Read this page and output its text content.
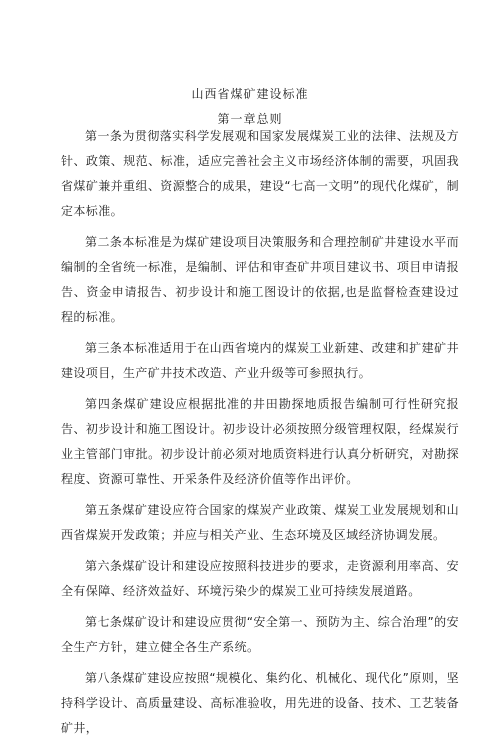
山西省煤矿建设标准
第一章总则

第一条为贯彻落实科学发展观和国家发展煤炭工业的法律、法规及方针、政策、规范、标准，适应完善社会主义市场经济体制的需要，巩固我省煤矿兼并重组、资源整合的成果，建设“七高一文明”的现代化煤矿，制定本标准。

第二条本标准是为煤矿建设项目决策服务和合理控制矿井建设水平而编制的全省统一标准，是编制、评估和审查矿井项目建议书、项目申请报告、资金申请报告、初步设计和施工图设计的依据,也是监督检查建设过程的标准。

第三条本标准适用于在山西省境内的煤炭工业新建、改建和扩建矿井建设项目，生产矿井技术改造、产业升级等可参照执行。

第四条煤矿建设应根据批准的井田勘探地质报告编制可行性研究报告、初步设计和施工图设计。初步设计必须按照分级管理权限，经煤炭行业主管部门审批。初步设计前必须对地质资料进行认真分析研究，对勘探程度、资源可靠性、开采条件及经济价值等作出评价。

第五条煤矿建设应符合国家的煤炭产业政策、煤炭工业发展规划和山西省煤炭开发政策；并应与相关产业、生态环境及区域经济协调发展。

第六条煤矿设计和建设应按照科技进步的要求，走资源利用率高、安全有保障、经济效益好、环境污染少的煤炭工业可持续发展道路。

第七条煤矿设计和建设应贯彻“安全第一、预防为主、综合治理”的安全生产方针，建立健全各生产系统。

第八条煤矿建设应按照“规模化、集约化、机械化、现代化”原则，坚持科学设计、高质量建设、高标准验收，用先进的设备、技术、工艺装备矿井，
